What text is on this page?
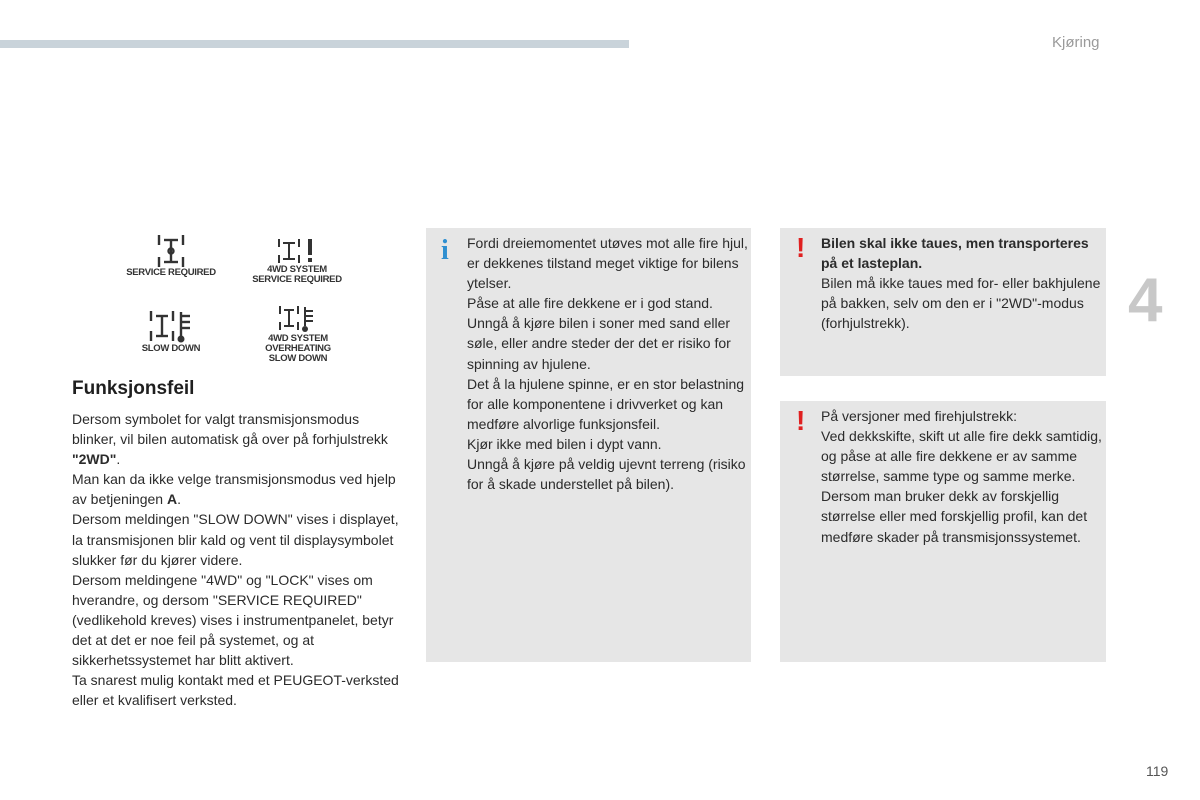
Kjøring
4
SERVICE REQUIRED	4WD SYSTEM
SERVICE REQUIRED
SLOW DOWN
4WD SYSTEM OVERHEATING
SLOW DOWN
Funksjonsfeil

Dersom symbolet for valgt transmisjonsmodus blinker, vil bilen automatisk gå over på forhjulstrekk "2WD".

Man kan da ikke velge transmisjonsmodus ved hjelp av betjeningen A.

Dersom meldingen "SLOW DOWN" vises i displayet, la transmisjonen blir kald og vent til displaysymbolet slukker før du kjører videre.

Dersom meldingene "4WD" og "LOCK" vises om hverandre, og dersom "SERVICE REQUIRED" (vedlikehold kreves) vises i instrumentpanelet, betyr det at det er noe feil på systemet, og at sikkerhetssystemet har blitt aktivert.

Ta snarest mulig kontakt med et PEUGEOT-verksted eller et kvalifisert verksted.

i Fordi dreiemomentet utøves mot alle fire hjul, er dekkenes tilstand meget viktige for bilens ytelser.

Påse at alle fire dekkene er i god stand.

Unngå å kjøre bilen i soner med sand eller søle, eller andre steder der det er risiko for spinning av hjulene.

Det å la hjulene spinne, er en stor belastning for alle komponentene i drivverket og kan medføre alvorlige funksjonsfeil.

Kjør ikke med bilen i dypt vann.

Unngå å kjøre på veldig ujevnt terreng (risiko for å skade understellet på bilen).

! Bilen skal ikke taues, men transporteres på et lasteplan.

Bilen må ikke taues med for- eller bakhjulene på bakken, selv om den er i "2WD"-modus (forhjulstrekk).

! På versjoner med firehjulstrekk:

Ved dekkskifte, skift ut alle fire dekk samtidig, og påse at alle fire dekkene er av samme størrelse, samme type og samme merke.

Dersom man bruker dekk av forskjellig størrelse eller med forskjellig profil, kan det medføre skader på transmisjonssystemet.

119
